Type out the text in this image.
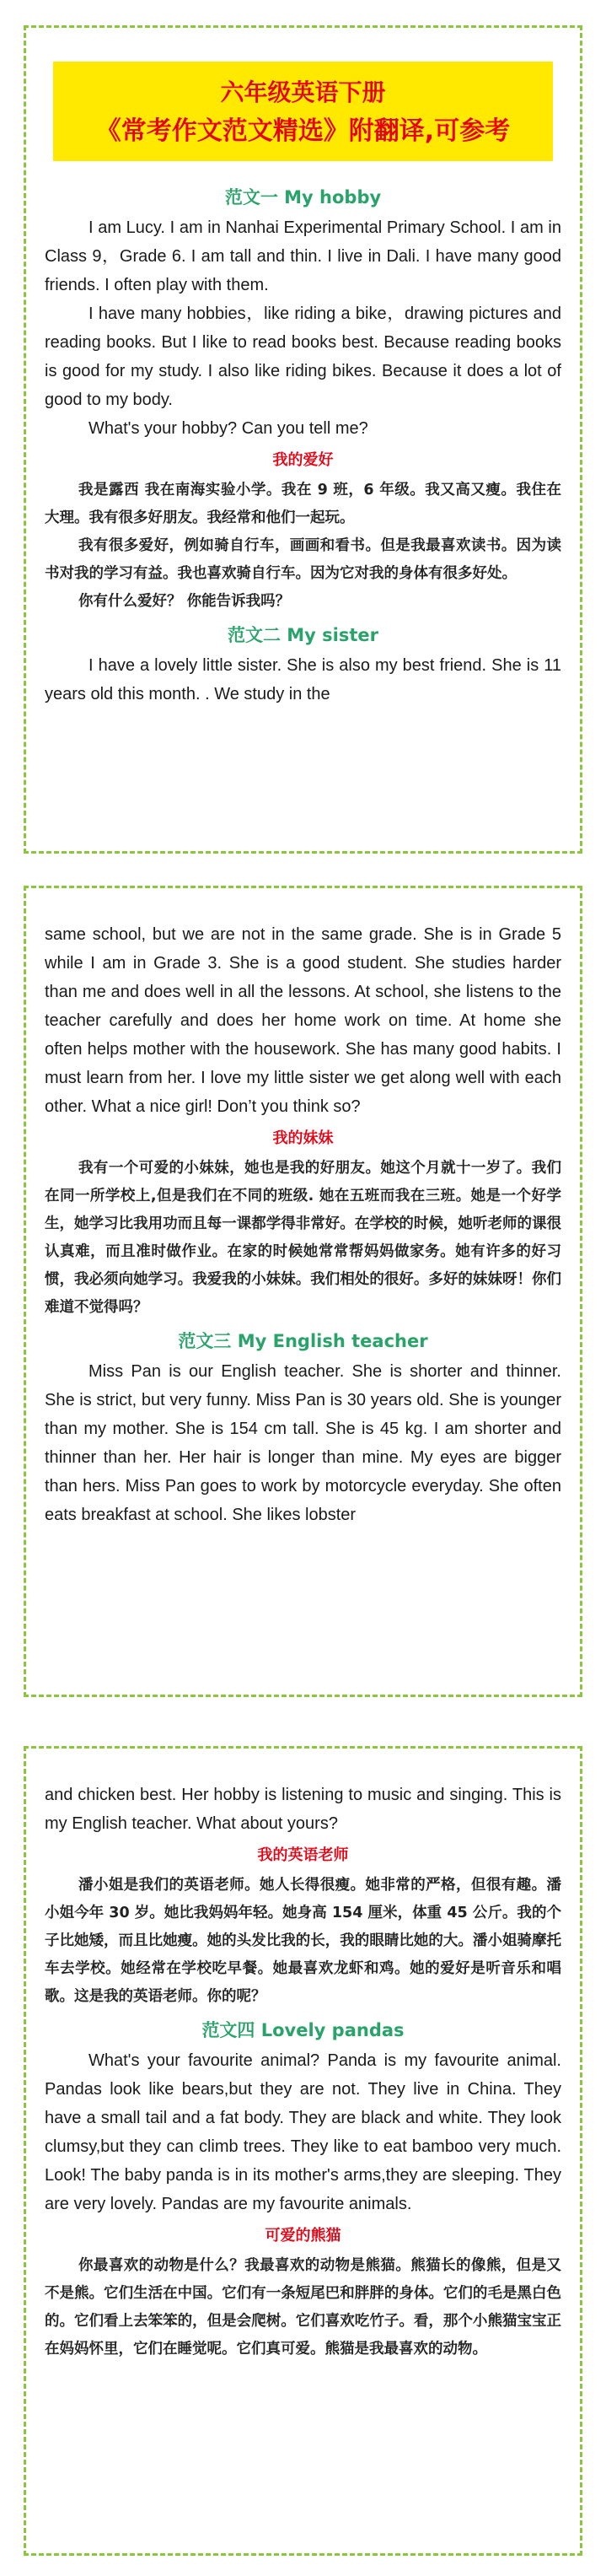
六年级英语下册
《常考作文范文精选》附翻译,可参考
范文一 My hobby

I am Lucy. I am in Nanhai Experimental Primary School. I am in Class 9，Grade 6. I am tall and thin. I live in Dali. I have many good friends. I often play with them.

I have many hobbies，like riding a bike，drawing pictures and reading books. But I like to read books best. Because reading books is good for my study. I also like riding bikes. Because it does a lot of good to my body.

What's your hobby? Can you tell me?

我的爱好

我是露西 我在南海实验小学。我在 9 班，6 年级。我又高又瘦。我住在大理。我有很多好朋友。我经常和他们一起玩。

我有很多爱好，例如骑自行车，画画和看书。但是我最喜欢读书。因为读书对我的学习有益。我也喜欢骑自行车。因为它对我的身体有很多好处。

你有什么爱好？ 你能告诉我吗？

范文二 My sister

I have a lovely little sister. She is also my best friend. She is 11 years old this month. . We study in the

same school, but we are not in the same grade. She is in Grade 5 while I am in Grade 3. She is a good student. She studies harder than me and does well in all the lessons. At school, she listens to the teacher carefully and does her home work on time. At home she often helps mother with the housework. She has many good habits. I must learn from her. I love my little sister we get along well with each other. What a nice girl! Don’t you think so?

我的妹妹

我有一个可爱的小妹妹，她也是我的好朋友。她这个月就十一岁了。我们在同一所学校上,但是我们在不同的班级. 她在五班而我在三班。她是一个好学生，她学习比我用功而且每一课都学得非常好。在学校的时候，她听老师的课很认真难，而且准时做作业。在家的时候她常常帮妈妈做家务。她有许多的好习惯，我必须向她学习。我爱我的小妹妹。我们相处的很好。多好的妹妹呀！你们难道不觉得吗？

范文三 My English teacher

Miss Pan is our English teacher. She is shorter and thinner. She is strict, but very funny. Miss Pan is 30 years old. She is younger than my mother. She is 154 cm tall. She is 45 kg. I am shorter and thinner than her. Her hair is longer than mine. My eyes are bigger than hers. Miss Pan goes to work by motorcycle everyday. She often eats breakfast at school. She likes lobster

and chicken best. Her hobby is listening to music and singing. This is my English teacher. What about yours?

我的英语老师

潘小姐是我们的英语老师。她人长得很瘦。她非常的严格，但很有趣。潘小姐今年 30 岁。她比我妈妈年轻。她身高 154 厘米，体重 45 公斤。我的个子比她矮，而且比她瘦。她的头发比我的长，我的眼睛比她的大。潘小姐骑摩托车去学校。她经常在学校吃早餐。她最喜欢龙虾和鸡。她的爱好是听音乐和唱歌。这是我的英语老师。你的呢？

范文四 Lovely pandas

What's your favourite animal? Panda is my favourite animal. Pandas look like bears,but they are not. They live in China. They have a small tail and a fat body. They are black and white. They look clumsy,but they can climb trees. They like to eat bamboo very much. Look! The baby panda is in its mother's arms,they are sleeping. They are very lovely. Pandas are my favourite animals.

可爱的熊猫

你最喜欢的动物是什么？我最喜欢的动物是熊猫。熊猫长的像熊，但是又不是熊。它们生活在中国。它们有一条短尾巴和胖胖的身体。它们的毛是黑白色的。它们看上去笨笨的，但是会爬树。它们喜欢吃竹子。看，那个小熊猫宝宝正在妈妈怀里，它们在睡觉呢。它们真可爱。熊猫是我最喜欢的动物。
